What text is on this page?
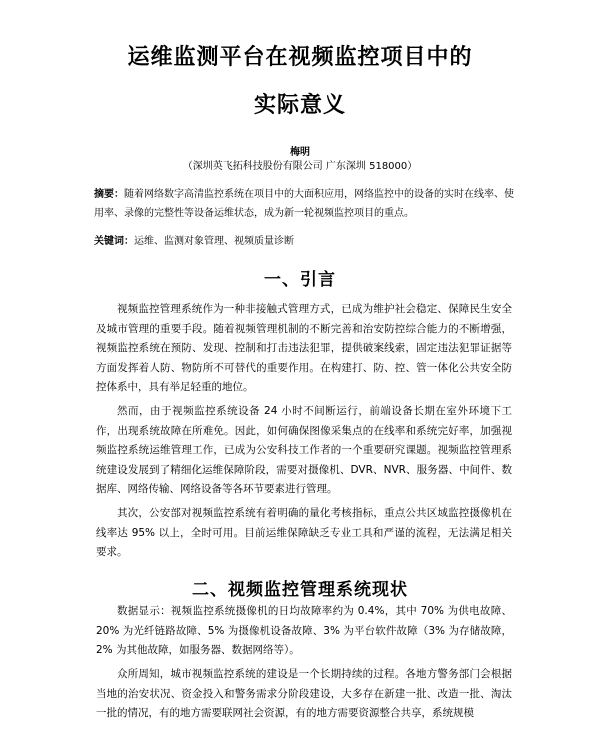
运维监测平台在视频监控项目中的
实际意义
梅明
（深圳英飞拓科技股份有限公司 广东深圳 518000）
摘要：随着网络数字高清监控系统在项目中的大面积应用，网络监控中的设备的实时在线率、使用率、录像的完整性等设备运维状态，成为新一轮视频监控项目的重点。
关键词：运维、监测对象管理、视频质量诊断
一、引言
视频监控管理系统作为一种非接触式管理方式，已成为维护社会稳定、保障民生安全及城市管理的重要手段。随着视频管理机制的不断完善和治安防控综合能力的不断增强，视频监控系统在预防、发现、控制和打击违法犯罪，提供破案线索，固定违法犯罪证据等方面发挥着人防、物防所不可替代的重要作用。在构建打、防、控、管一体化公共安全防控体系中，具有举足轻重的地位。
然而，由于视频监控系统设备 24 小时不间断运行，前端设备长期在室外环境下工作，出现系统故障在所难免。因此，如何确保图像采集点的在线率和系统完好率，加强视频监控系统运维管理工作，已成为公安科技工作者的一个重要研究课题。视频监控管理系统建设发展到了精细化运维保障阶段，需要对摄像机、DVR、NVR、服务器、中间件、数据库、网络传输、网络设备等各环节要素进行管理。
其次，公安部对视频监控系统有着明确的量化考核指标，重点公共区域监控摄像机在线率达 95% 以上，全时可用。目前运维保障缺乏专业工具和严谨的流程，无法满足相关要求。
二、视频监控管理系统现状
数据显示：视频监控系统摄像机的日均故障率约为 0.4%，其中 70% 为供电故障、20% 为光纤链路故障、5% 为摄像机设备故障、3% 为平台软件故障（3% 为存储故障，2% 为其他故障，如服务器、数据网络等）。
众所周知，城市视频监控系统的建设是一个长期持续的过程。各地方警务部门会根据当地的治安状况、资金投入和警务需求分阶段建设，大多存在新建一批、改造一批、淘汰一批的情况，有的地方需要联网社会资源，有的地方需要资源整合共享，系统规模
